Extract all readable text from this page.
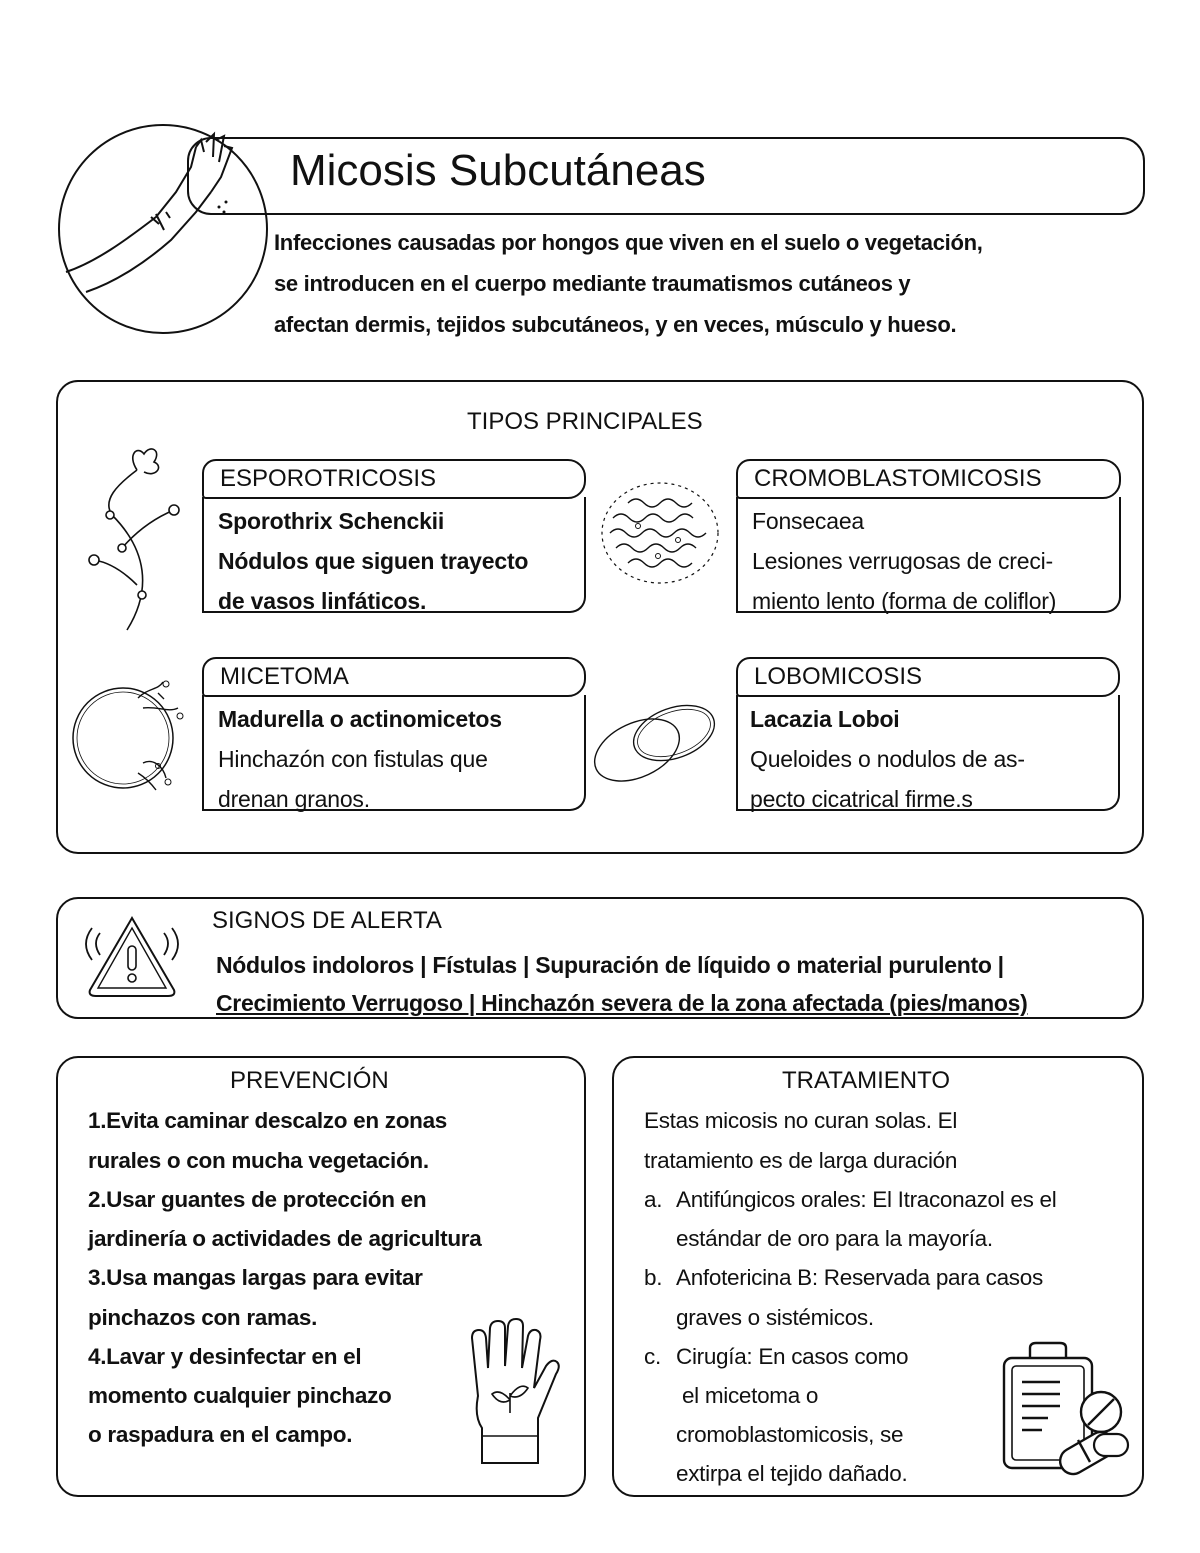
Micosis Subcutáneas
Infecciones causadas por hongos que viven en el suelo o vegetación,
se introducen en el cuerpo mediante traumatismos cutáneos y
afectan dermis, tejidos subcutáneos, y en veces, músculo y hueso.
TIPOS PRINCIPALES
ESPOROTRICOSIS
Sporothrix Schenckii
Nódulos que siguen trayecto
de vasos linfáticos.
CROMOBLASTOMICOSIS
Fonsecaea
Lesiones verrugosas de creci-
miento lento (forma de coliflor)
MICETOMA
Madurella o actinomicetos
Hinchazón con fistulas que
drenan granos.
LOBOMICOSIS
Lacazia Loboi
Queloides o nodulos de as-
pecto cicatrical firme.s
SIGNOS DE ALERTA
Nódulos indoloros | Fístulas | Supuración de líquido o material purulento |
Crecimiento Verrugoso | Hinchazón severa de la zona afectada (pies/manos)
PREVENCIÓN
1.Evita caminar descalzo en zonas
rurales o con mucha vegetación.
2.Usar guantes de protección en
jardinería o actividades de agricultura
3.Usa mangas largas para evitar
pinchazos con ramas.
4.Lavar y desinfectar en el
momento cualquier pinchazo
o raspadura en el campo.
TRATAMIENTO
Estas micosis no curan solas. El
tratamiento es de larga duración
a. Antifúngicos orales: El Itraconazol es el
estándar de oro para la mayoría.
b. Anfotericina B: Reservada para casos
graves o sistémicos.
c. Cirugía: En casos como
el micetoma o
cromoblastomicosis, se
extirpa el tejido dañado.
